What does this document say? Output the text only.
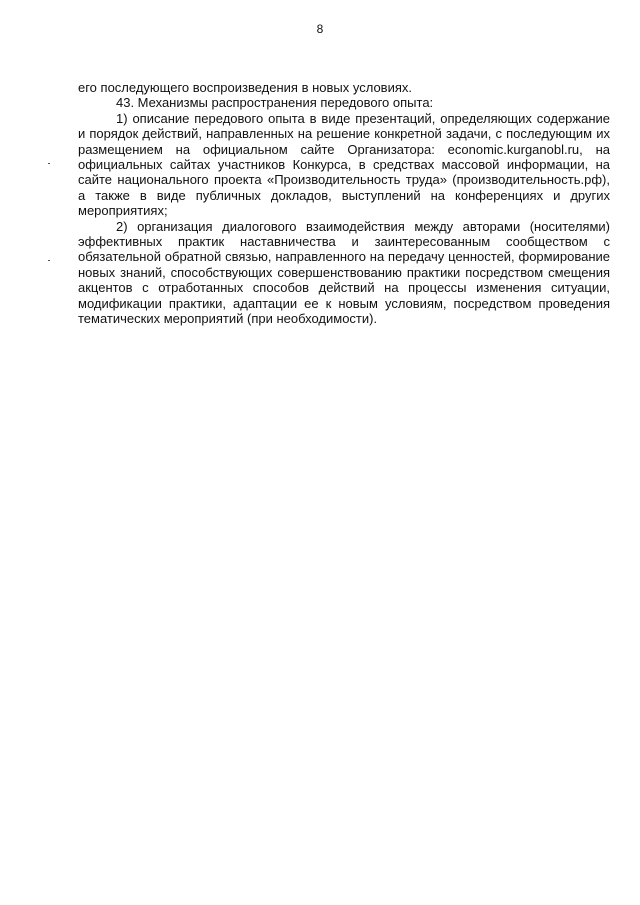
8

его последующего воспроизведения в новых условиях.

43. Механизмы распространения передового опыта:

1) описание передового опыта в виде презентаций, определяющих содержание и порядок действий, направленных на решение конкретной задачи, с последующим их размещением на официальном сайте Организатора: economic.kurganobl.ru, на официальных сайтах участников Конкурса, в средствах массовой информации, на сайте национального проекта «Производительность труда» (производительность.рф), а также в виде публичных докладов, выступлений на конференциях и других мероприятиях;

2) организация диалогового взаимодействия между авторами (носителями) эффективных практик наставничества и заинтересованным сообществом с обязательной обратной связью, направленного на передачу ценностей, формирование новых знаний, способствующих совершенствованию практики посредством смещения акцентов с отработанных способов действий на процессы изменения ситуации, модификации практики, адаптации ее к новым условиям, посредством проведения тематических мероприятий (при необходимости).
